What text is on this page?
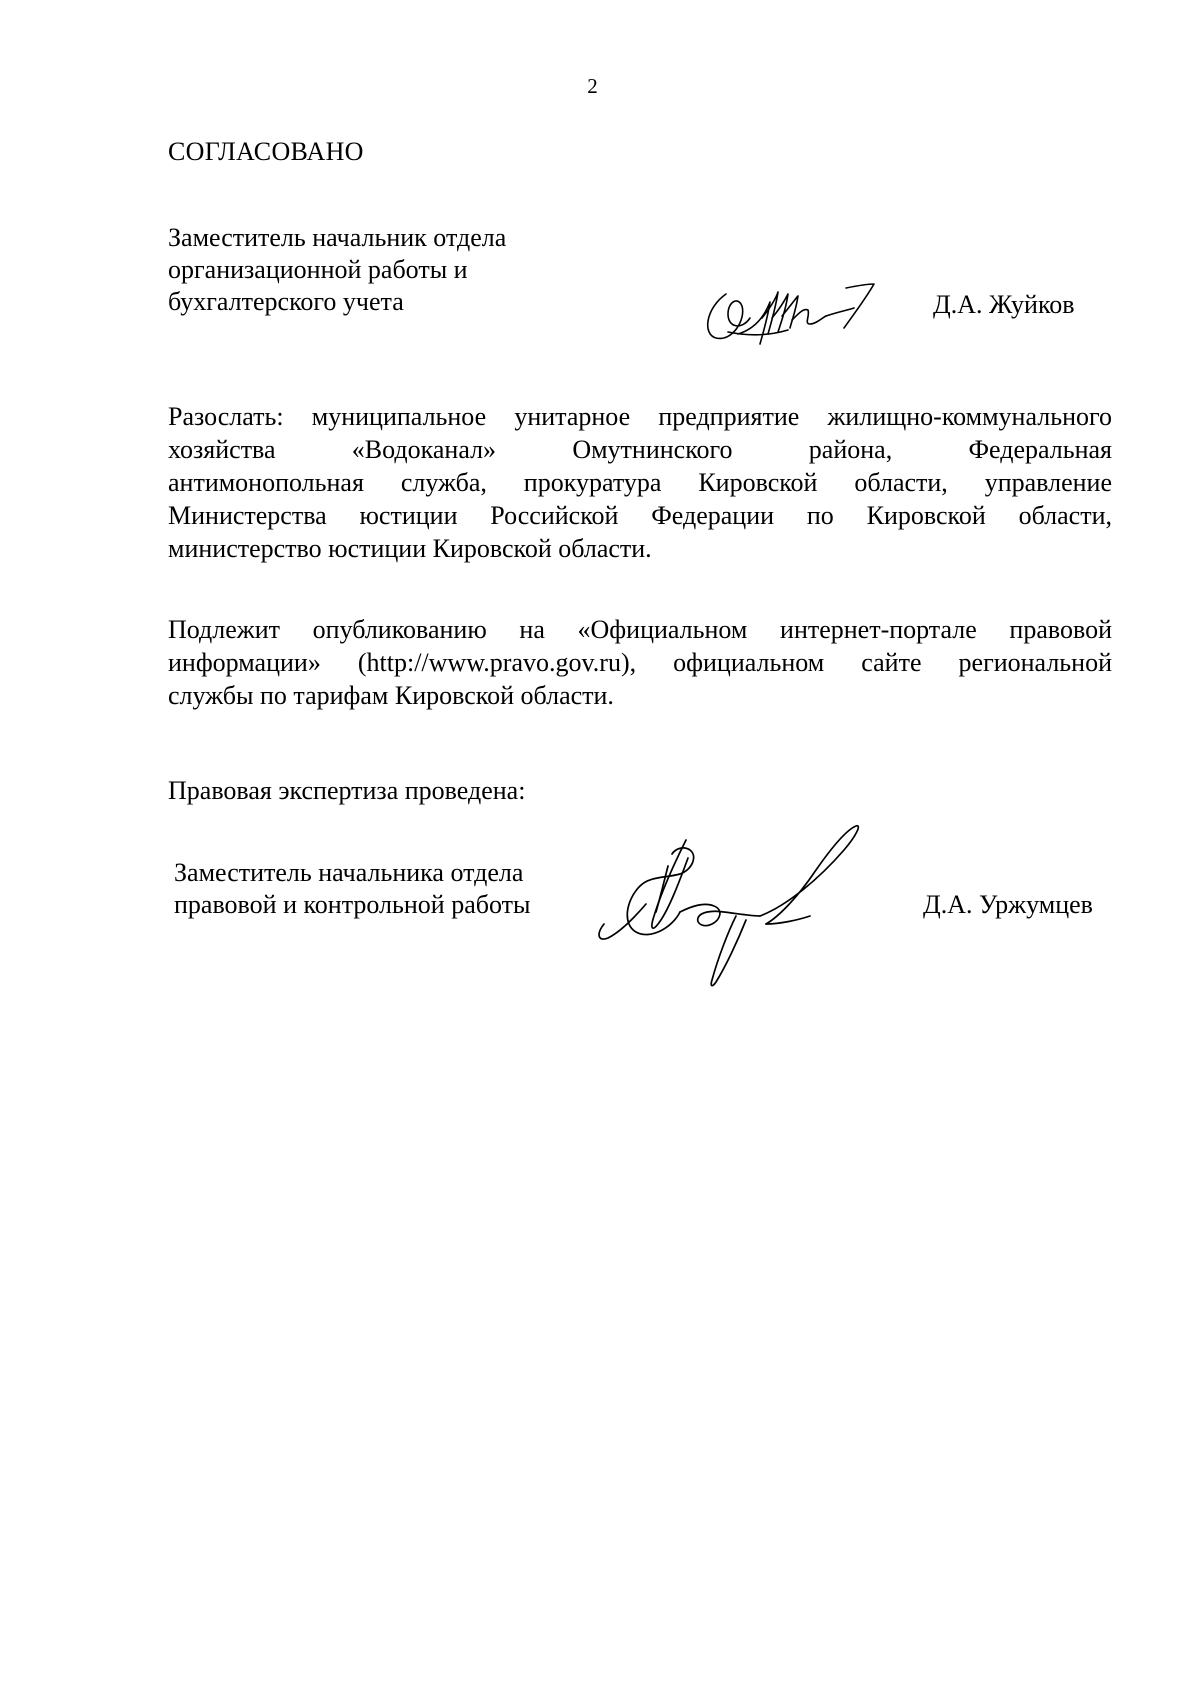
2
СОГЛАСОВАНО
Заместитель начальник отдела
организационной работы и
бухгалтерского учета	Д.А. Жуйков
Разослать: муниципальное унитарное предприятие жилищно-коммунального
хозяйства «Водоканал» Омутнинского района, Федеральная
антимонопольная служба, прокуратура Кировской области, управление
Министерства юстиции Российской Федерации по Кировской области,
министерство юстиции Кировской области.
Подлежит опубликованию на «Официальном интернет-портале правовой
информации» (http://www.pravo.gov.ru), официальном сайте региональной
службы по тарифам Кировской области.
Правовая экспертиза проведена:
Заместитель начальника отдела
правовой и контрольной работы	Д.А. Уржумцев
